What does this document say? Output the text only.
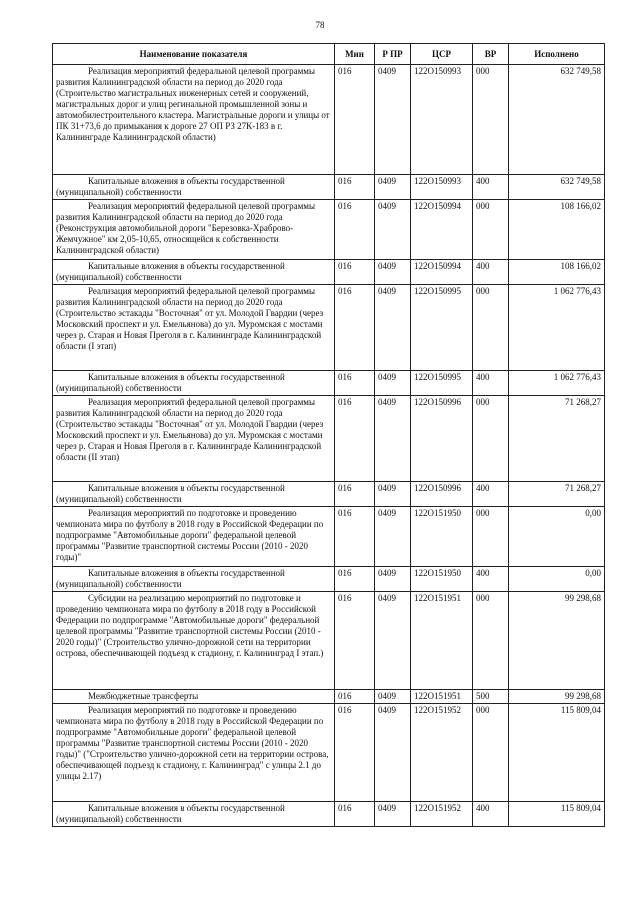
78
Наименование показателя	Мин	Р ПР	ЦСР	ВР	Исполнено
Реализация мероприятий федеральной целевой программы развития Калининградской области на период до 2020 года (Строительство магистральных инженерных сетей и сооружений, магистральных дорог и улиц регинальной промышленной зоны и автомобилестроительного кластера. Магистральные дороги и улицы от ПК 31+73,6 до примыкания к дороге 27 ОП РЗ 27К-183 в г. Калининграде Калининградской области)	016	0409	122О150993	000	632 749,58
Капитальные вложения в объекты государственной (муниципальной) собственности	016	0409	122О150993	400	632 749,58
Реализация мероприятий федеральной целевой программы развития Калининградской области на период до 2020 года (Реконструкция автомобильной дороги "Березовка-Храброво-Жемчужное" км 2,05-10,65, относящейся к собственности Калининградской области)	016	0409	122О150994	000	108 166,02
Капитальные вложения в объекты государственной (муниципальной) собственности	016	0409	122О150994	400	108 166,02
Реализация мероприятий федеральной целевой программы развития Калининградской области на период до 2020 года (Строительство эстакады "Восточная" от ул. Молодой Гвардии (через Московский проспект и ул. Емельянова) до ул. Муромская с мостами через р. Старая и Новая Преголя в г. Калининграде Калининградской области (I этап)	016	0409	122О150995	000	1 062 776,43
Капитальные вложения в объекты государственной (муниципальной) собственности	016	0409	122О150995	400	1 062 776,43
Реализация мероприятий федеральной целевой программы развития Калининградской области на период до 2020 года (Строительство эстакады "Восточная" от ул. Молодой Гвардии (через Московский проспект и ул. Емельянова) до ул. Муромская с мостами через р. Старая и Новая Преголя в г. Калининграде Калининградской области (II этап)	016	0409	122О150996	000	71 268,27
Капитальные вложения в объекты государственной (муниципальной) собственности	016	0409	122О150996	400	71 268,27
Реализация мероприятий по подготовке и проведению чемпионата мира по футболу в 2018 году в Российской Федерации по подпрограмме "Автомобильные дороги" федеральной целевой программы "Развитие транспортной системы России (2010 - 2020 годы)"	016	0409	122О151950	000	0,00
Капитальные вложения в объекты государственной (муниципальной) собственности	016	0409	122О151950	400	0,00
Субсидии на реализацию мероприятий по подготовке и проведению чемпионата мира по футболу в 2018 году в Российской Федерации по подпрограмме "Автомобильные дороги" федеральной целевой программы "Развитие транспортной системы России (2010 - 2020 годы)" (Строительство улично-дорожной сети на территории острова, обеспечивающей подъезд к стадиону, г. Калининград I этап.)	016	0409	122О151951	000	99 298,68
Межбюджетные трансферты	016	0409	122О151951	500	99 298,68
Реализация мероприятий по подготовке и проведению чемпионата мира по футболу в 2018 году в Российской Федерации по подпрограмме "Автомобильные дороги" федеральной целевой программы "Развитие транспортной системы России (2010 - 2020 годы)" ("Строительство улично-дорожной сети на территории острова, обеспечивающей подъезд к стадиону, г. Калининград" с улицы 2.1 до улицы 2.17)	016	0409	122О151952	000	115 809,04
Капитальные вложения в объекты государственной (муниципальной) собственности	016	0409	122О151952	400	115 809,04
